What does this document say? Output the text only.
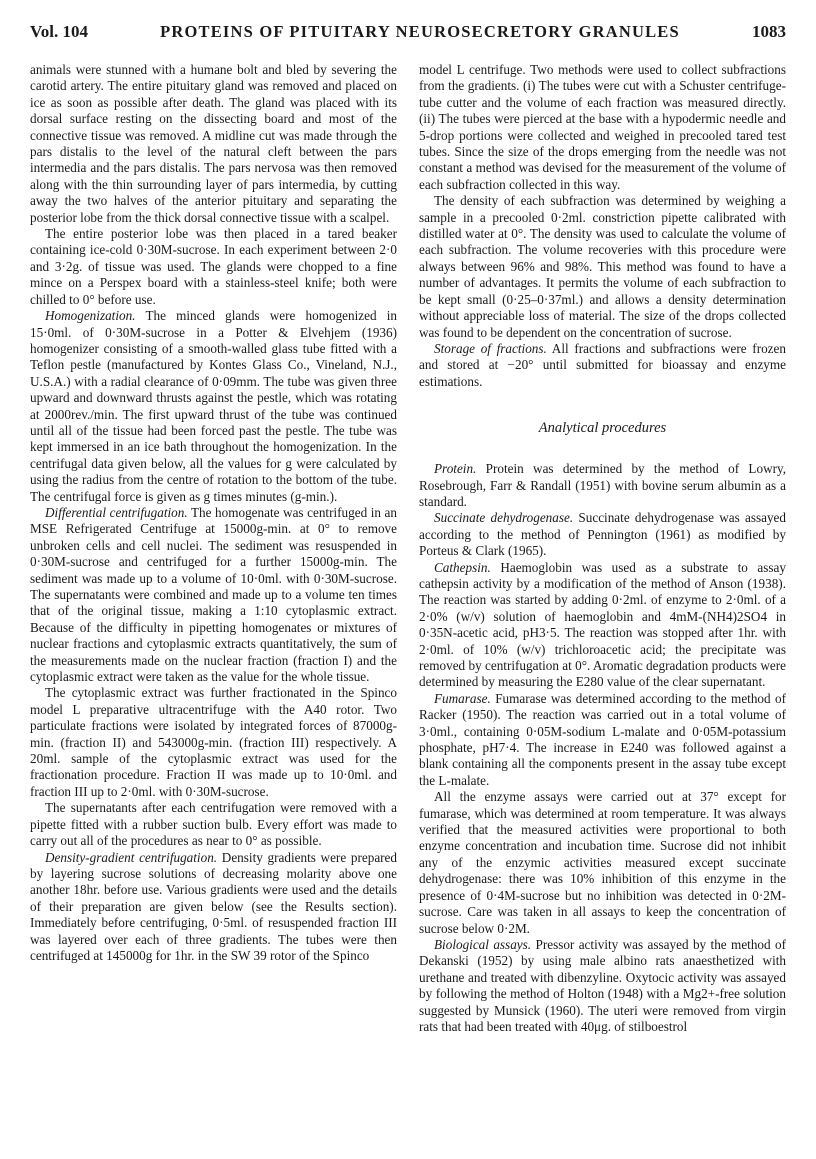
Vol. 104	PROTEINS OF PITUITARY NEUROSECRETORY GRANULES	1083

animals were stunned with a humane bolt and bled by severing the carotid artery. The entire pituitary gland was removed and placed on ice as soon as possible after death. The gland was placed with its dorsal surface resting on the dissecting board and most of the connective tissue was removed. A midline cut was made through the pars distalis to the level of the natural cleft between the pars intermedia and the pars distalis. The pars nervosa was then removed along with the thin surrounding layer of pars intermedia, by cutting away the two halves of the anterior pituitary and separating the posterior lobe from the thick dorsal connective tissue with a scalpel.

The entire posterior lobe was then placed in a tared beaker containing ice-cold 0·30M-sucrose. In each experiment between 2·0 and 3·2g. of tissue was used. The glands were chopped to a fine mince on a Perspex board with a stainless-steel knife; both were chilled to 0° before use.

Homogenization. The minced glands were homogenized in 15·0ml. of 0·30M-sucrose in a Potter & Elvehjem (1936) homogenizer consisting of a smooth-walled glass tube fitted with a Teflon pestle (manufactured by Kontes Glass Co., Vineland, N.J., U.S.A.) with a radial clearance of 0·09mm. The tube was given three upward and downward thrusts against the pestle, which was rotating at 2000rev./min. The first upward thrust of the tube was continued until all of the tissue had been forced past the pestle. The tube was kept immersed in an ice bath throughout the homogenization. In the centrifugal data given below, all the values for g were calculated by using the radius from the centre of rotation to the bottom of the tube. The centrifugal force is given as g times minutes (g-min.).

Differential centrifugation. The homogenate was centrifuged in an MSE Refrigerated Centrifuge at 15000g-min. at 0° to remove unbroken cells and cell nuclei. The sediment was resuspended in 0·30M-sucrose and centrifuged for a further 15000g-min. The sediment was made up to a volume of 10·0ml. with 0·30M-sucrose. The supernatants were combined and made up to a volume ten times that of the original tissue, making a 1:10 cytoplasmic extract. Because of the difficulty in pipetting homogenates or mixtures of nuclear fractions and cytoplasmic extracts quantitatively, the sum of the measurements made on the nuclear fraction (fraction I) and the cytoplasmic extract were taken as the value for the whole tissue.

The cytoplasmic extract was further fractionated in the Spinco model L preparative ultracentrifuge with the A40 rotor. Two particulate fractions were isolated by integrated forces of 87000g-min. (fraction II) and 543000g-min. (fraction III) respectively. A 20ml. sample of the cytoplasmic extract was used for the fractionation procedure. Fraction II was made up to 10·0ml. and fraction III up to 2·0ml. with 0·30M-sucrose.

The supernatants after each centrifugation were removed with a pipette fitted with a rubber suction bulb. Every effort was made to carry out all of the procedures as near to 0° as possible.

Density-gradient centrifugation. Density gradients were prepared by layering sucrose solutions of decreasing molarity above one another 18hr. before use. Various gradients were used and the details of their preparation are given below (see the Results section). Immediately before centrifuging, 0·5ml. of resuspended fraction III was layered over each of three gradients. The tubes were then centrifuged at 145000g for 1hr. in the SW 39 rotor of the Spinco

model L centrifuge. Two methods were used to collect subfractions from the gradients. (i) The tubes were cut with a Schuster centrifuge-tube cutter and the volume of each fraction was measured directly. (ii) The tubes were pierced at the base with a hypodermic needle and 5-drop portions were collected and weighed in precooled tared test tubes. Since the size of the drops emerging from the needle was not constant a method was devised for the measurement of the volume of each subfraction collected in this way.

The density of each subfraction was determined by weighing a sample in a precooled 0·2ml. constriction pipette calibrated with distilled water at 0°. The density was used to calculate the volume of each subfraction. The volume recoveries with this procedure were always between 96% and 98%. This method was found to have a number of advantages. It permits the volume of each subfraction to be kept small (0·25–0·37ml.) and allows a density determination without appreciable loss of material. The size of the drops collected was found to be dependent on the concentration of sucrose.

Storage of fractions. All fractions and subfractions were frozen and stored at −20° until submitted for bioassay and enzyme estimations.

Analytical procedures

Protein. Protein was determined by the method of Lowry, Rosebrough, Farr & Randall (1951) with bovine serum albumin as a standard.

Succinate dehydrogenase. Succinate dehydrogenase was assayed according to the method of Pennington (1961) as modified by Porteus & Clark (1965).

Cathepsin. Haemoglobin was used as a substrate to assay cathepsin activity by a modification of the method of Anson (1938). The reaction was started by adding 0·2ml. of enzyme to 2·0ml. of a 2·0% (w/v) solution of haemoglobin and 4mM-(NH4)2SO4 in 0·35N-acetic acid, pH3·5. The reaction was stopped after 1hr. with 2·0ml. of 10% (w/v) trichloroacetic acid; the precipitate was removed by centrifugation at 0°. Aromatic degradation products were determined by measuring the E280 value of the clear supernatant.

Fumarase. Fumarase was determined according to the method of Racker (1950). The reaction was carried out in a total volume of 3·0ml., containing 0·05M-sodium L-malate and 0·05M-potassium phosphate, pH7·4. The increase in E240 was followed against a blank containing all the components present in the assay tube except the L-malate.

All the enzyme assays were carried out at 37° except for fumarase, which was determined at room temperature. It was always verified that the measured activities were proportional to both enzyme concentration and incubation time. Sucrose did not inhibit any of the enzymic activities measured except succinate dehydrogenase: there was 10% inhibition of this enzyme in the presence of 0·4M-sucrose but no inhibition was detected in 0·2M-sucrose. Care was taken in all assays to keep the concentration of sucrose below 0·2M.

Biological assays. Pressor activity was assayed by the method of Dekanski (1952) by using male albino rats anaesthetized with urethane and treated with dibenzyline. Oxytocic activity was assayed by following the method of Holton (1948) with a Mg2+-free solution suggested by Munsick (1960). The uteri were removed from virgin rats that had been treated with 40μg. of stilboestrol
